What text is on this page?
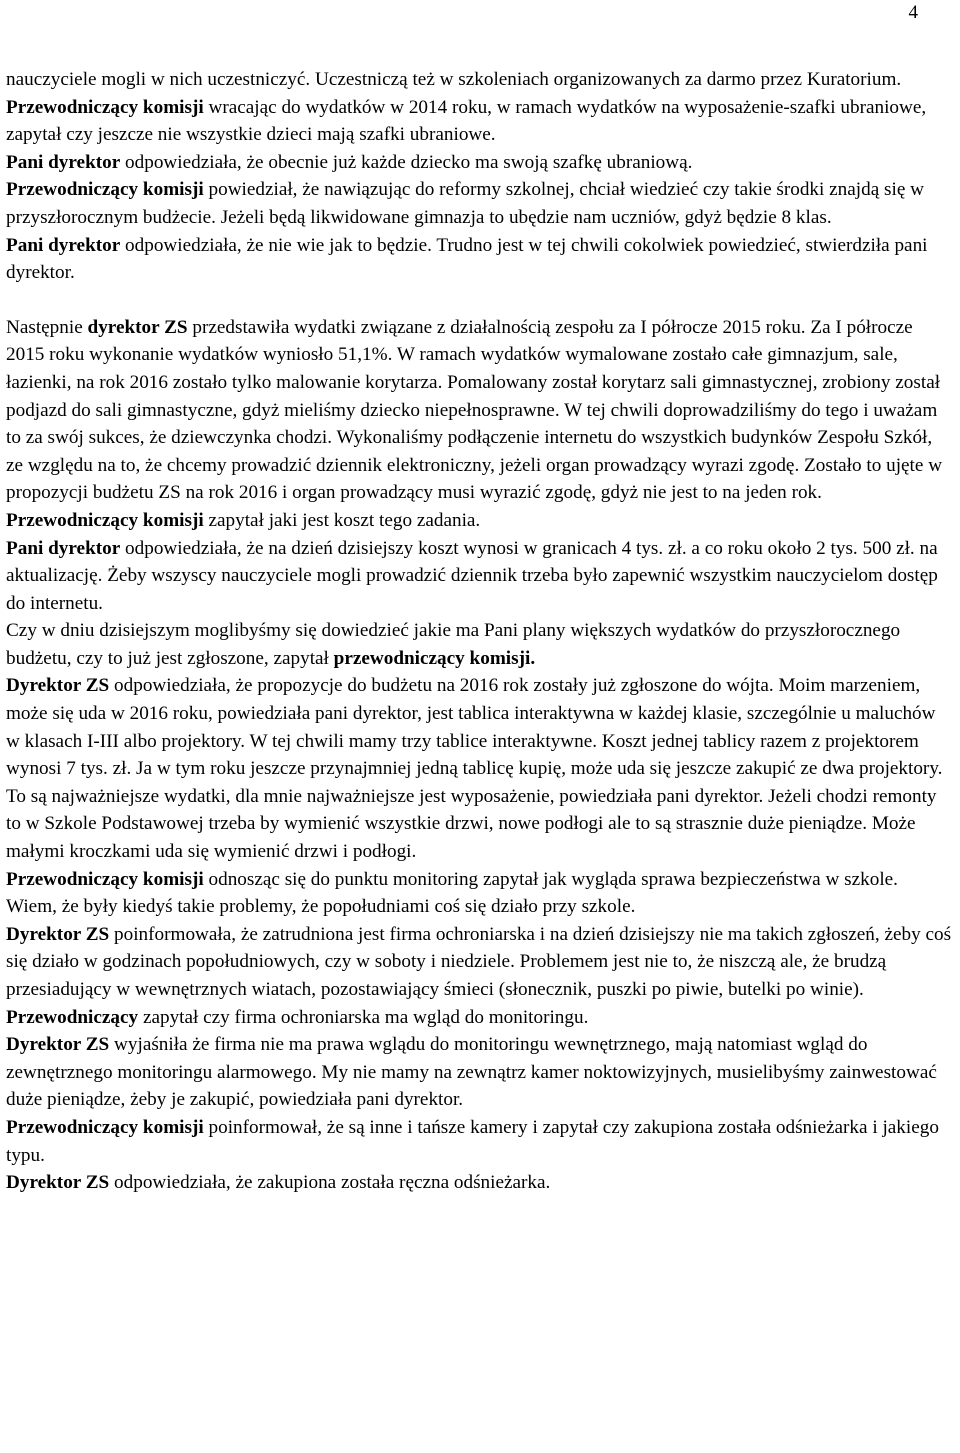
4

nauczyciele mogli w nich uczestniczyć. Uczestniczą też w szkoleniach organizowanych za darmo przez Kuratorium.

Przewodniczący komisji wracając do wydatków w 2014 roku, w ramach wydatków na wyposażenie-szafki ubraniowe, zapytał czy jeszcze nie wszystkie dzieci mają szafki ubraniowe.

Pani dyrektor odpowiedziała, że obecnie już każde dziecko ma swoją szafkę ubraniową.

Przewodniczący komisji powiedział, że nawiązując do reformy szkolnej, chciał wiedzieć czy takie środki znajdą się w przyszłorocznym budżecie. Jeżeli będą likwidowane gimnazja to ubędzie nam uczniów, gdyż będzie 8 klas.

Pani dyrektor odpowiedziała, że nie wie jak to będzie. Trudno jest w tej chwili cokolwiek powiedzieć, stwierdziła pani dyrektor.

Następnie dyrektor ZS przedstawiła wydatki związane z działalnością zespołu za I półrocze 2015 roku. Za I półrocze 2015 roku wykonanie wydatków wyniosło 51,1%. W ramach wydatków wymalowane zostało całe gimnazjum, sale, łazienki, na rok 2016 zostało tylko malowanie korytarza. Pomalowany został korytarz sali gimnastycznej, zrobiony został podjazd do sali gimnastyczne, gdyż mieliśmy dziecko niepełnosprawne. W tej chwili doprowadziliśmy do tego i uważam to za swój sukces, że dziewczynka chodzi. Wykonaliśmy podłączenie internetu do wszystkich budynków Zespołu Szkół, ze względu na to, że chcemy prowadzić dziennik elektroniczny, jeżeli organ prowadzący wyrazi zgodę. Zostało to ujęte w propozycji budżetu ZS na rok 2016 i organ prowadzący musi wyrazić zgodę, gdyż nie jest to na jeden rok.

Przewodniczący komisji zapytał jaki jest koszt tego zadania.

Pani dyrektor odpowiedziała, że na dzień dzisiejszy koszt wynosi w granicach 4 tys. zł. a co roku około 2 tys. 500 zł. na aktualizację. Żeby wszyscy nauczyciele mogli prowadzić dziennik trzeba było zapewnić wszystkim nauczycielom dostęp do internetu.

Czy w dniu dzisiejszym moglibyśmy się dowiedzieć jakie ma Pani plany większych wydatków do przyszłorocznego budżetu, czy to już jest zgłoszone, zapytał przewodniczący komisji.

Dyrektor ZS odpowiedziała, że propozycje do budżetu na 2016 rok zostały już zgłoszone do wójta. Moim marzeniem, może się uda w 2016 roku, powiedziała pani dyrektor, jest tablica interaktywna w każdej klasie, szczególnie u maluchów w klasach I-III albo projektory. W tej chwili mamy trzy tablice interaktywne. Koszt jednej tablicy razem z projektorem wynosi 7 tys. zł. Ja w tym roku jeszcze przynajmniej jedną tablicę kupię, może uda się jeszcze zakupić ze dwa projektory. To są najważniejsze wydatki, dla mnie najważniejsze jest wyposażenie, powiedziała pani dyrektor. Jeżeli chodzi remonty to w Szkole Podstawowej trzeba by wymienić wszystkie drzwi, nowe podłogi ale to są strasznie duże pieniądze. Może małymi kroczkami uda się wymienić drzwi i podłogi.

Przewodniczący komisji odnosząc się do punktu monitoring zapytał jak wygląda sprawa bezpieczeństwa w szkole. Wiem, że były kiedyś takie problemy, że popołudniami coś się działo przy szkole.

Dyrektor ZS poinformowała, że zatrudniona jest firma ochroniarska i na dzień dzisiejszy nie ma takich zgłoszeń, żeby coś się działo w godzinach popołudniowych, czy w soboty i niedziele. Problemem jest nie to, że niszczą ale, że brudzą przesiadujący w wewnętrznych wiatach, pozostawiający śmieci (słonecznik, puszki po piwie, butelki po winie).

Przewodniczący zapytał czy firma ochroniarska ma wgląd do monitoringu.

Dyrektor ZS wyjaśniła że firma nie ma prawa wglądu do monitoringu wewnętrznego, mają natomiast wgląd do zewnętrznego monitoringu alarmowego. My nie mamy na zewnątrz kamer noktowizyjnych, musielibyśmy zainwestować duże pieniądze, żeby je zakupić, powiedziała pani dyrektor.

Przewodniczący komisji poinformował, że są inne i tańsze kamery i zapytał czy zakupiona została odśnieżarka i jakiego typu.

Dyrektor ZS odpowiedziała, że zakupiona została ręczna odśnieżarka.
